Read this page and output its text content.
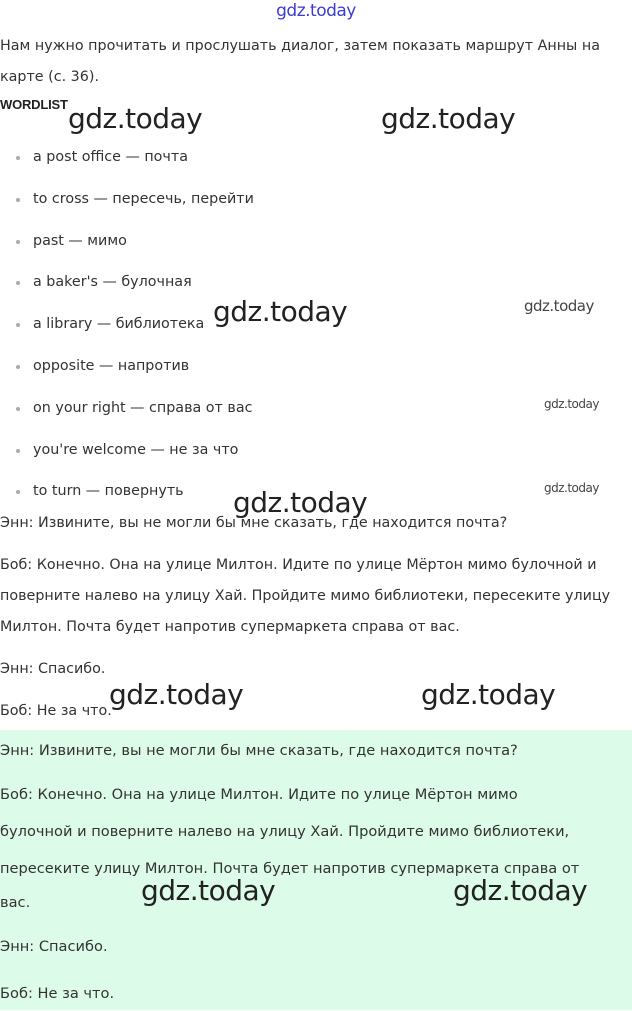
gdz.today
Нам нужно прочитать и прослушать диалог, затем показать маршрут Анны на
карте (с. 36).
WORDLIST
a post office — почта
to cross — пересечь, перейти
past — мимо
a baker's — булочная
a library — библиотека
opposite — напротив
on your right — справа от вас
you're welcome — не за что
to turn — повернуть

Энн: Извините, вы не могли бы мне сказать, где находится почта?

Боб: Конечно. Она на улице Милтон. Идите по улице Мёртон мимо булочной и
поверните налево на улицу Хай. Пройдите мимо библиотеки, пересеките улицу
Милтон. Почта будет напротив супермаркета справа от вас.

Энн: Спасибо.

Боб: Не за что.

Энн: Извините, вы не могли бы мне сказать, где находится почта?

Боб: Конечно. Она на улице Милтон. Идите по улице Мёртон мимо

булочной и поверните налево на улицу Хай. Пройдите мимо библиотеки,

пересеките улицу Милтон. Почта будет напротив супермаркета справа от

вас.

Энн: Спасибо.

Боб: Не за что.

gdz.today	gdz.today
gdz.today	gdz.today
gdz.today
gdz.today
gdz.today
gdz.today	gdz.today
gdz.today	gdz.today
